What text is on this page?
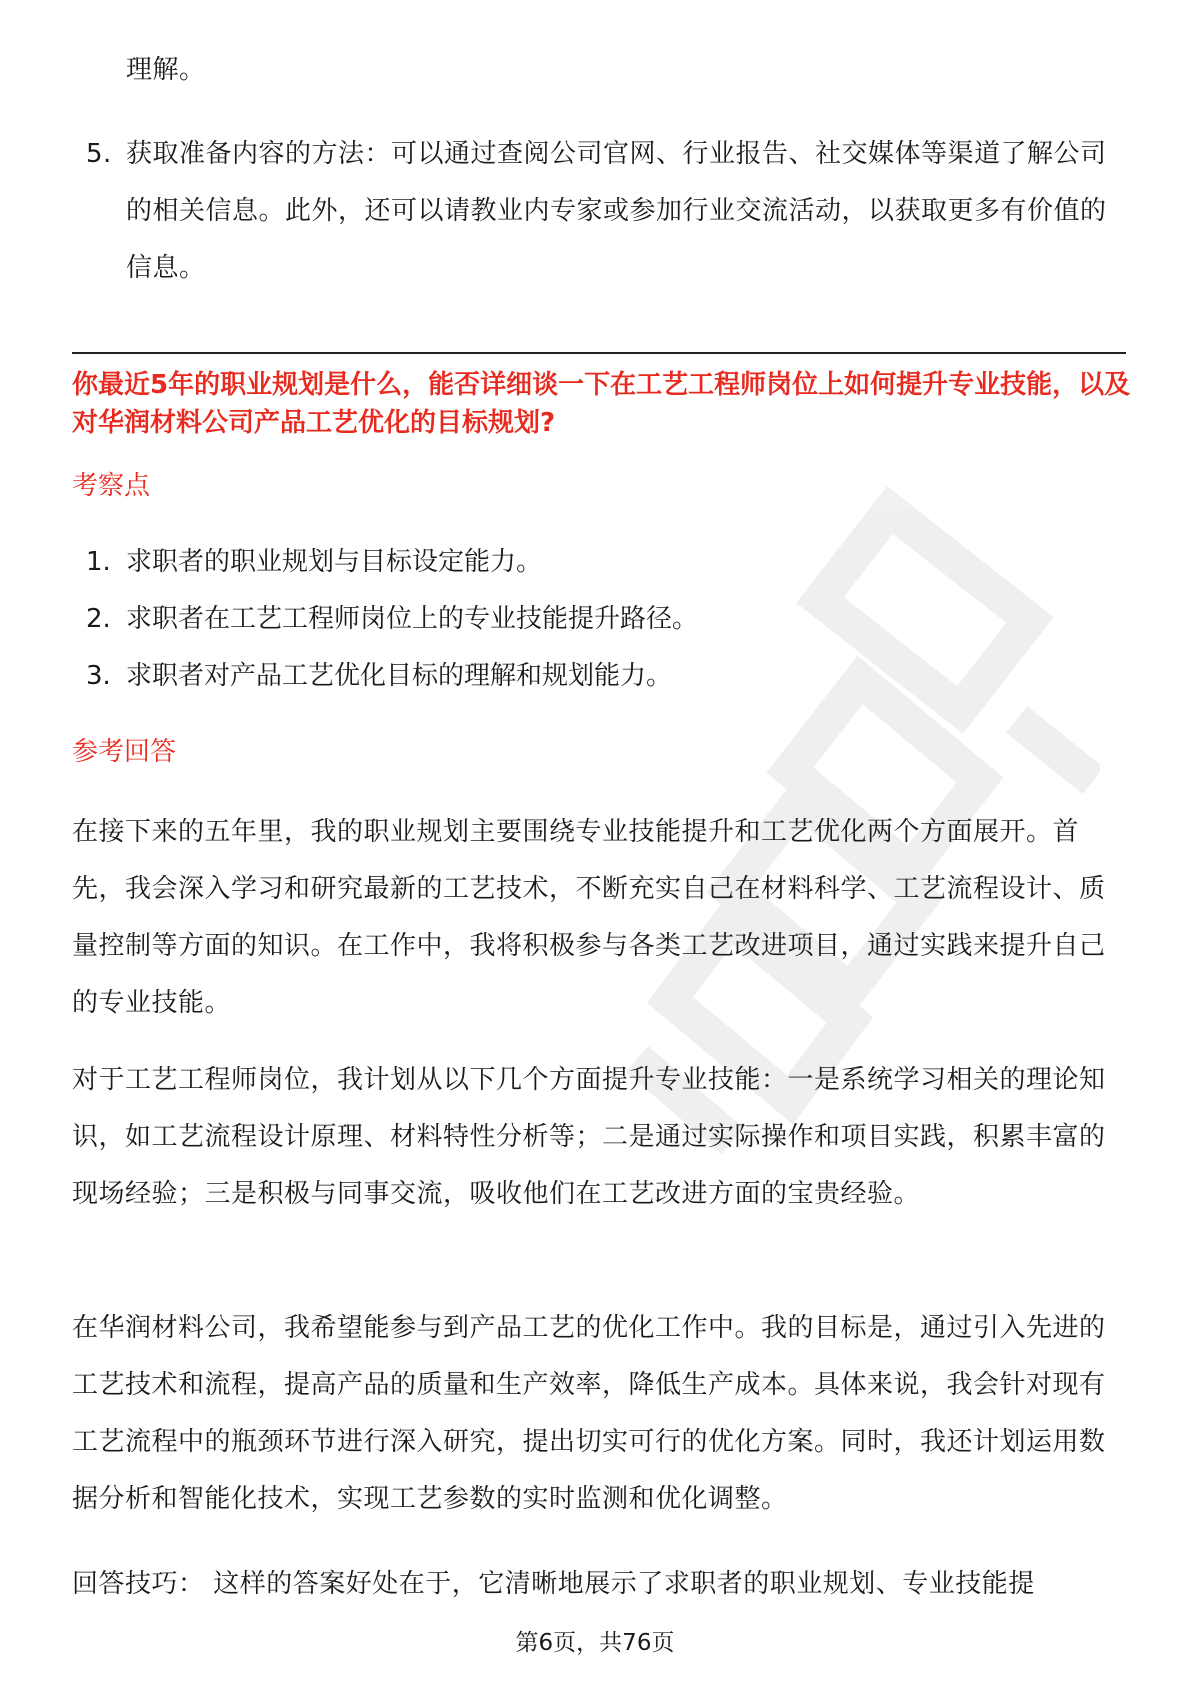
理解。
5. 获取准备内容的方法：可以通过查阅公司官网、行业报告、社交媒体等渠道了解公司的相关信息。此外，还可以请教业内专家或参加行业交流活动，以获取更多有价值的信息。
你最近5年的职业规划是什么，能否详细谈一下在工艺工程师岗位上如何提升专业技能，以及对华润材料公司产品工艺优化的目标规划?
考察点
1. 求职者的职业规划与目标设定能力。
2. 求职者在工艺工程师岗位上的专业技能提升路径。
3. 求职者对产品工艺优化目标的理解和规划能力。
参考回答
在接下来的五年里，我的职业规划主要围绕专业技能提升和工艺优化两个方面展开。首先，我会深入学习和研究最新的工艺技术，不断充实自己在材料科学、工艺流程设计、质量控制等方面的知识。在工作中，我将积极参与各类工艺改进项目，通过实践来提升自己的专业技能。
对于工艺工程师岗位，我计划从以下几个方面提升专业技能：一是系统学习相关的理论知识，如工艺流程设计原理、材料特性分析等；二是通过实际操作和项目实践，积累丰富的现场经验；三是积极与同事交流，吸收他们在工艺改进方面的宝贵经验。
在华润材料公司，我希望能参与到产品工艺的优化工作中。我的目标是，通过引入先进的工艺技术和流程，提高产品的质量和生产效率，降低生产成本。具体来说，我会针对现有工艺流程中的瓶颈环节进行深入研究，提出切实可行的优化方案。同时，我还计划运用数据分析和智能化技术，实现工艺参数的实时监测和优化调整。
回答技巧： 这样的答案好处在于，它清晰地展示了求职者的职业规划、专业技能提
第6页，共76页
